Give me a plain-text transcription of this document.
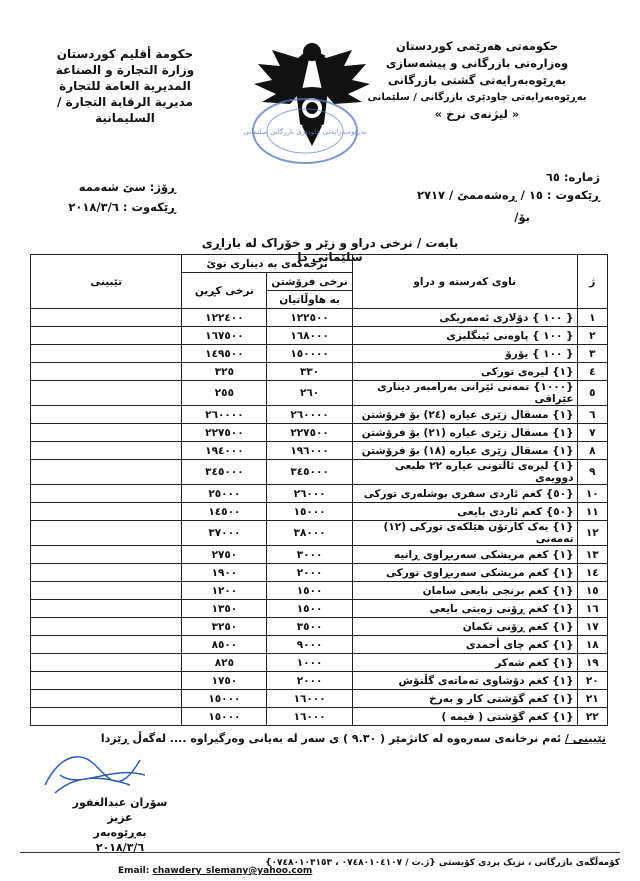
حکومەتی هەرێمی کوردستان
وەزارەتی بازرگانی و پیشەسازی
بەڕێوەبەرایەتی گشتی بازرگانی
بەڕێوەبەرایەتی چاودێری بازرگانی / سلێمانی
« لیژنەی نرخ »
حكومة أقليم كوردستان
وزارة التجارة و الصناعة
المديرية العامة للتجارة
مديرية الرقابة التجارة / السليمانية
بەڕێوەبەرایەتی چاودێری بازرگانی سلێمانی
ژمارە: ٦٥
ڕێکەوت : ١٥ / ڕەشەممێ / ٢٧١٧
بۆ/
ڕۆژ: سێ شەممە
ڕێکەوت : ٢٠١٨/٣/٦
بابەت / نرخی دراو و زێر و خۆراک لە بازاڕی سلێمانی دا
ژ	ناوی کەرستە و دراو	نرخەکەی بە دیناری نوێ		تێبینی
		نرخی فرۆشتن	نرخی کڕین	
		بە هاوڵاتیان		
١	{ ١٠٠ } دۆلاری ئەمەریکی	١٢٢٥٠٠	١٢٢٤٠٠	
٢	{ ١٠٠ } پاوەنی ئینگلیزی	١٦٨٠٠٠	١٦٧٥٠٠	
٣	{ ١٠٠ } یۆرۆ	١٥٠٠٠٠	١٤٩٥٠٠	
٤	{١} لیرەی تورکی	٣٣٠	٣٢٥	
٥	{١٠٠٠} تمەنی ئێرانی بەرامبەر دیناری عێراقی	٢٦٠	٢٥٥	
٦	{١} مسقال زێری عیارە (٢٤) بۆ فرۆشتن	٢٦٠٠٠٠	٢٦٠٠٠٠	
٧	{١} مسقال زێری عیارە (٢١) بۆ فرۆشتن	٢٢٧٥٠٠	٢٢٧٥٠٠	
٨	{١} مسقال زێری عیارە (١٨) بۆ فرۆشتن	١٩٦٠٠٠	١٩٤٠٠٠	
٩	{١} لیرەی ئاڵتونی عیارە ٢٢ طبعی دوویەی	٣٤٥٠٠٠	٣٤٥٠٠٠	
١٠	{٥٠} کغم ئاردی سفری بوشلەری تورکی	٢٦٠٠٠	٢٥٠٠٠	
١١	{٥٠} کغم ئاردی بایعی	١٥٠٠٠	١٤٥٠٠	
١٢	{١} یەک کارتۆن هێلکەی تورکی (١٢) تەمەنی	٣٨٠٠٠	٣٧٠٠٠	
١٣	{١} کغم مریشکی سەربڕاوی ڕانیە	٣٠٠٠	٢٧٥٠	
١٤	{١} کغم مریشکی سەربڕاوی تورکی	٢٠٠٠	١٩٠٠	
١٥	{١} کغم برنجی بایعی سامان	١٥٠٠	١٢٠٠	
١٦	{١} کغم ڕۆنی زەیتی بایعی	١٥٠٠	١٣٥٠	
١٧	{١} کغم ڕۆنی تکمان	٣٥٠٠	٣٢٥٠	
١٨	{١} کغم چای أحمدی	٩٠٠٠	٨٥٠٠	
١٩	{١} کغم شەکر	١٠٠٠	٨٢٥	
٢٠	{١} کغم دۆشاوی تەماتەی گڵنۆش	٢٠٠٠	١٧٥٠	
٢١	{١} کغم گۆشتی کار و بەرخ	١٦٠٠٠	١٥٠٠٠	
٢٢	{١} کغم گۆشتی ( قیمە )	١٦٠٠٠	١٥٠٠٠	
تێبینی / ئەم نرخانەی سەرەوە لە کاتژمێر ( ٩.٣٠ ) ی سەر لە بەیانی وەرگیراوە .... لەگەڵ ڕێزدا
سۆران عبدالغفور عزیز
بەڕێوەبەر
٢٠١٨/٣/٦
کۆمەڵگەی بازرگانی ، نزیک پردی کۆیستی {ژ.ت / ٠٧٤٨٠١٠٤١٠٧ ، ٠٧٤٨٠١٠٣١٥٣}
Email: chawdery_slemany@yahoo.com
